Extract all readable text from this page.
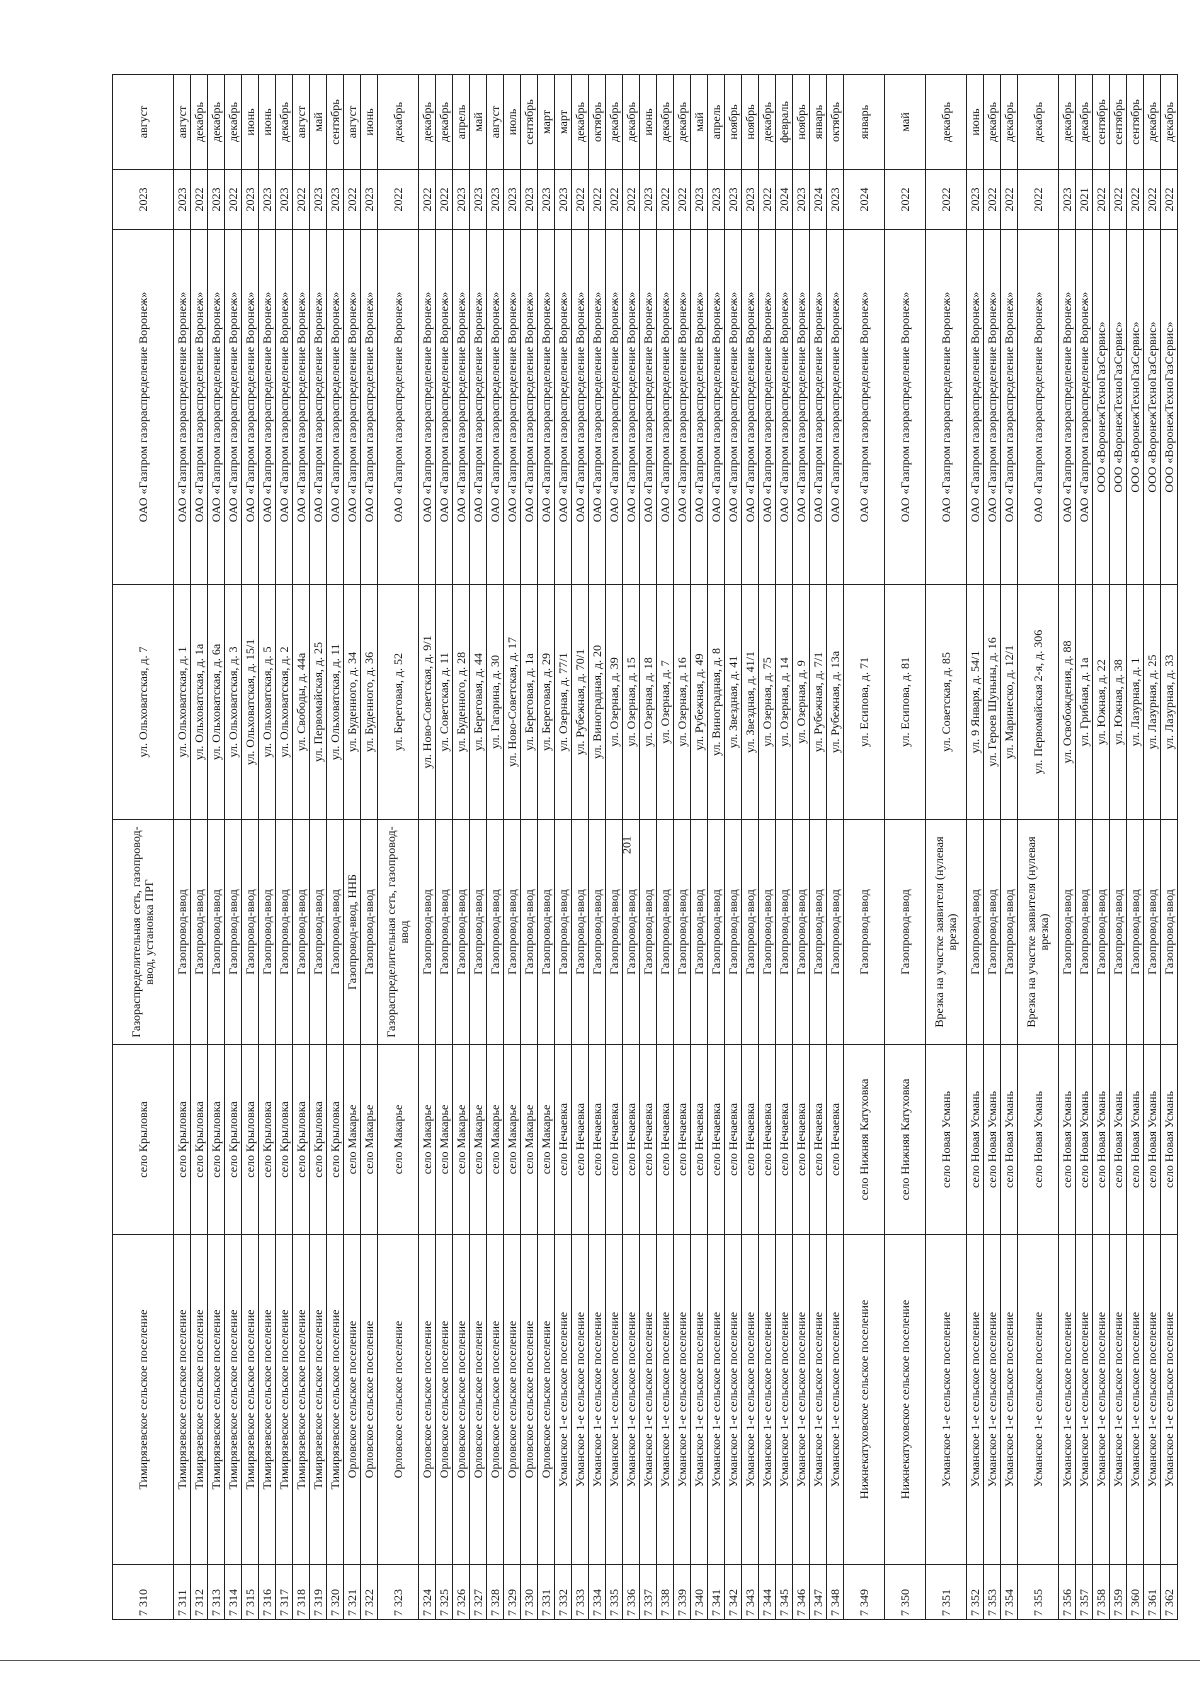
201
7 310	Тимирязевское сельское поселение	село Крыловка	Газораспределительная сеть, газопровод-ввод, установка ПРГ	ул. Ольховатская, д. 7	ОАО «Газпром газораспределение Воронеж»	2023	август
7 311	Тимирязевское сельское поселение	село Крыловка	Газопровод-ввод	ул. Ольховатская, д. 1	ОАО «Газпром газораспределение Воронеж»	2023	август
7 312	Тимирязевское сельское поселение	село Крыловка	Газопровод-ввод	ул. Ольховатская, д. 1а	ОАО «Газпром газораспределение Воронеж»	2022	декабрь
7 313	Тимирязевское сельское поселение	село Крыловка	Газопровод-ввод	ул. Ольховатская, д. 6а	ОАО «Газпром газораспределение Воронеж»	2023	декабрь
7 314	Тимирязевское сельское поселение	село Крыловка	Газопровод-ввод	ул. Ольховатская, д. 3	ОАО «Газпром газораспределение Воронеж»	2022	декабрь
7 315	Тимирязевское сельское поселение	село Крыловка	Газопровод-ввод	ул. Ольховатская, д. 15/1	ОАО «Газпром газораспределение Воронеж»	2023	июнь
7 316	Тимирязевское сельское поселение	село Крыловка	Газопровод-ввод	ул. Ольховатская, д. 5	ОАО «Газпром газораспределение Воронеж»	2023	июнь
7 317	Тимирязевское сельское поселение	село Крыловка	Газопровод-ввод	ул. Ольховатская, д. 2	ОАО «Газпром газораспределение Воронеж»	2023	декабрь
7 318	Тимирязевское сельское поселение	село Крыловка	Газопровод-ввод	ул. Свободы, д. 44а	ОАО «Газпром газораспределение Воронеж»	2022	август
7 319	Тимирязевское сельское поселение	село Крыловка	Газопровод-ввод	ул. Первомайская, д. 25	ОАО «Газпром газораспределение Воронеж»	2023	май
7 320	Тимирязевское сельское поселение	село Крыловка	Газопровод-ввод	ул. Ольховатская, д. 11	ОАО «Газпром газораспределение Воронеж»	2023	сентябрь
7 321	Орловское сельское поселение	село Макарье	Газопровод-ввод, ННБ	ул. Буденного, д. 34	ОАО «Газпром газораспределение Воронеж»	2022	август
7 322	Орловское сельское поселение	село Макарье	Газопровод-ввод	ул. Буденного, д. 36	ОАО «Газпром газораспределение Воронеж»	2023	июнь
7 323	Орловское сельское поселение	село Макарье	Газораспределительная сеть, газопровод-ввод	ул. Береговая, д. 52	ОАО «Газпром газораспределение Воронеж»	2022	декабрь
7 324	Орловское сельское поселение	село Макарье	Газопровод-ввод	ул. Ново-Советская, д. 9/1	ОАО «Газпром газораспределение Воронеж»	2022	декабрь
7 325	Орловское сельское поселение	село Макарье	Газопровод-ввод	ул. Советская, д. 11	ОАО «Газпром газораспределение Воронеж»	2022	декабрь
7 326	Орловское сельское поселение	село Макарье	Газопровод-ввод	ул. Буденного, д. 28	ОАО «Газпром газораспределение Воронеж»	2023	апрель
7 327	Орловское сельское поселение	село Макарье	Газопровод-ввод	ул. Береговая, д. 44	ОАО «Газпром газораспределение Воронеж»	2023	май
7 328	Орловское сельское поселение	село Макарье	Газопровод-ввод	ул. Гагарина, д. 30	ОАО «Газпром газораспределение Воронеж»	2023	август
7 329	Орловское сельское поселение	село Макарье	Газопровод-ввод	ул. Ново-Советская, д. 17	ОАО «Газпром газораспределение Воронеж»	2023	июль
7 330	Орловское сельское поселение	село Макарье	Газопровод-ввод	ул. Береговая, д. 1а	ОАО «Газпром газораспределение Воронеж»	2023	сентябрь
7 331	Орловское сельское поселение	село Макарье	Газопровод-ввод	ул. Береговая, д. 29	ОАО «Газпром газораспределение Воронеж»	2023	март
7 332	Усманское 1-е сельское поселение	село Нечаевка	Газопровод-ввод	ул. Озерная, д. 77/1	ОАО «Газпром газораспределение Воронеж»	2023	март
7 333	Усманское 1-е сельское поселение	село Нечаевка	Газопровод-ввод	ул. Рубежная, д. 70/1	ОАО «Газпром газораспределение Воронеж»	2022	декабрь
7 334	Усманское 1-е сельское поселение	село Нечаевка	Газопровод-ввод	ул. Виноградная, д. 20	ОАО «Газпром газораспределение Воронеж»	2022	октябрь
7 335	Усманское 1-е сельское поселение	село Нечаевка	Газопровод-ввод	ул. Озерная, д. 39	ОАО «Газпром газораспределение Воронеж»	2022	декабрь
7 336	Усманское 1-е сельское поселение	село Нечаевка	Газопровод-ввод	ул. Озерная, д. 15	ОАО «Газпром газораспределение Воронеж»	2022	декабрь
7 337	Усманское 1-е сельское поселение	село Нечаевка	Газопровод-ввод	ул. Озерная, д. 18	ОАО «Газпром газораспределение Воронеж»	2023	июнь
7 338	Усманское 1-е сельское поселение	село Нечаевка	Газопровод-ввод	ул. Озерная, д. 7	ОАО «Газпром газораспределение Воронеж»	2022	декабрь
7 339	Усманское 1-е сельское поселение	село Нечаевка	Газопровод-ввод	ул. Озерная, д. 16	ОАО «Газпром газораспределение Воронеж»	2022	декабрь
7 340	Усманское 1-е сельское поселение	село Нечаевка	Газопровод-ввод	ул. Рубежная, д. 49	ОАО «Газпром газораспределение Воронеж»	2023	май
7 341	Усманское 1-е сельское поселение	село Нечаевка	Газопровод-ввод	ул. Виноградная, д. 8	ОАО «Газпром газораспределение Воронеж»	2023	апрель
7 342	Усманское 1-е сельское поселение	село Нечаевка	Газопровод-ввод	ул. Звездная, д. 41	ОАО «Газпром газораспределение Воронеж»	2023	ноябрь
7 343	Усманское 1-е сельское поселение	село Нечаевка	Газопровод-ввод	ул. Звездная, д. 41/1	ОАО «Газпром газораспределение Воронеж»	2023	ноябрь
7 344	Усманское 1-е сельское поселение	село Нечаевка	Газопровод-ввод	ул. Озерная, д. 75	ОАО «Газпром газораспределение Воронеж»	2022	декабрь
7 345	Усманское 1-е сельское поселение	село Нечаевка	Газопровод-ввод	ул. Озерная, д. 14	ОАО «Газпром газораспределение Воронеж»	2024	февраль
7 346	Усманское 1-е сельское поселение	село Нечаевка	Газопровод-ввод	ул. Озерная, д. 9	ОАО «Газпром газораспределение Воронеж»	2023	ноябрь
7 347	Усманское 1-е сельское поселение	село Нечаевка	Газопровод-ввод	ул. Рубежная, д. 7/1	ОАО «Газпром газораспределение Воронеж»	2024	январь
7 348	Усманское 1-е сельское поселение	село Нечаевка	Газопровод-ввод	ул. Рубежная, д. 13а	ОАО «Газпром газораспределение Воронеж»	2023	октябрь
7 349	Нижнекатуховское сельское поселение	село Нижняя Катуховка	Газопровод-ввод	ул. Есипова, д. 71	ОАО «Газпром газораспределение Воронеж»	2024	январь
7 350	Нижнекатуховское сельское поселение	село Нижняя Катуховка	Газопровод-ввод	ул. Есипова, д. 81	ОАО «Газпром газораспределение Воронеж»	2022	май
7 351	Усманское 1-е сельское поселение	село Новая Усмань	Врезка на участке заявителя (нулевая врезка)	ул. Советская, д. 85	ОАО «Газпром газораспределение Воронеж»	2022	декабрь
7 352	Усманское 1-е сельское поселение	село Новая Усмань	Газопровод-ввод	ул. 9 Января, д. 54/1	ОАО «Газпром газораспределение Воронеж»	2023	июнь
7 353	Усманское 1-е сельское поселение	село Новая Усмань	Газопровод-ввод	ул. Героев Шуньны, д. 16	ОАО «Газпром газораспределение Воронеж»	2022	декабрь
7 354	Усманское 1-е сельское поселение	село Новая Усмань	Газопровод-ввод	ул. Маринеско, д. 12/1	ОАО «Газпром газораспределение Воронеж»	2022	декабрь
7 355	Усманское 1-е сельское поселение	село Новая Усмань	Врезка на участке заявителя (нулевая врезка)	ул. Первомайская 2-я, д. 306	ОАО «Газпром газораспределение Воронеж»	2022	декабрь
7 356	Усманское 1-е сельское поселение	село Новая Усмань	Газопровод-ввод	ул. Освобождения, д. 88	ОАО «Газпром газораспределение Воронеж»	2023	декабрь
7 357	Усманское 1-е сельское поселение	село Новая Усмань	Газопровод-ввод	ул. Грибная, д. 1а	ОАО «Газпром газораспределение Воронеж»	2021	декабрь
7 358	Усманское 1-е сельское поселение	село Новая Усмань	Газопровод-ввод	ул. Южная, д. 22	ООО «ВоронежТехноГазСервис»	2022	сентябрь
7 359	Усманское 1-е сельское поселение	село Новая Усмань	Газопровод-ввод	ул. Южная, д. 38	ООО «ВоронежТехноГазСервис»	2022	сентябрь
7 360	Усманское 1-е сельское поселение	село Новая Усмань	Газопровод-ввод	ул. Лазурная, д. 1	ООО «ВоронежТехноГазСервис»	2022	сентябрь
7 361	Усманское 1-е сельское поселение	село Новая Усмань	Газопровод-ввод	ул. Лазурная, д. 25	ООО «ВоронежТехноГазСервис»	2022	декабрь
7 362	Усманское 1-е сельское поселение	село Новая Усмань	Газопровод-ввод	ул. Лазурная, д. 33	ООО «ВоронежТехноГазСервис»	2022	декабрь
